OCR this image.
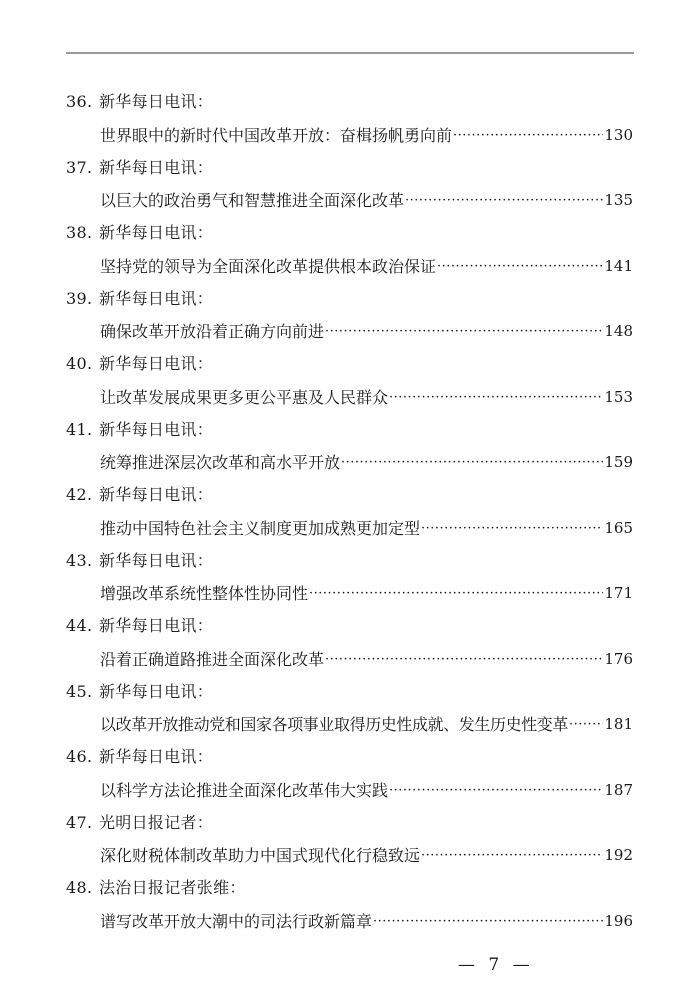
36. 新华每日电讯：
世界眼中的新时代中国改革开放：奋楫扬帆勇向前 ·····	130
37. 新华每日电讯：
以巨大的政治勇气和智慧推进全面深化改革 ·····	135
38. 新华每日电讯：
坚持党的领导为全面深化改革提供根本政治保证 ·····	141
39. 新华每日电讯：
确保改革开放沿着正确方向前进 ·····	148
40. 新华每日电讯：
让改革发展成果更多更公平惠及人民群众 ·····	153
41. 新华每日电讯：
统筹推进深层次改革和高水平开放 ·····	159
42. 新华每日电讯：
推动中国特色社会主义制度更加成熟更加定型 ·····	165
43. 新华每日电讯：
增强改革系统性整体性协同性 ·····	171
44. 新华每日电讯：
沿着正确道路推进全面深化改革 ·····	176
45. 新华每日电讯：
以改革开放推动党和国家各项事业取得历史性成就、发生历史性变革 ····· 181
46. 新华每日电讯：
以科学方法论推进全面深化改革伟大实践 ·····	187
47. 光明日报记者：
深化财税体制改革助力中国式现代化行稳致远 ·····	192
48. 法治日报记者张维：
谱写改革开放大潮中的司法行政新篇章 ·····	196
— 7 —
